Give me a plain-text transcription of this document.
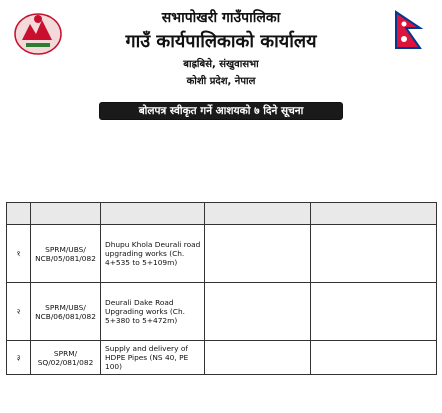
सभापोखरी गाउँपालिका
गाउँ कार्यपालिकाको कार्यालय
बाह्रबिसे, संखुवासभा
कोशी प्रदेश, नेपाल
बोलपत्र स्वीकृत गर्ने आशयको ७ दिने सूचना

१	SPRM/UBS/ NCB/05/081/082	Dhupu Khola Deurali road upgrading works (Ch. 4+535 to 5+109m)		
२	SPRM/UBS/ NCB/06/081/082	Deurali Dake Road Upgrading works (Ch. 5+380 to 5+472m)		
३	SPRM/ SQ/02/081/082	Supply and delivery of HDPE Pipes (NS 40, PE 100)		
